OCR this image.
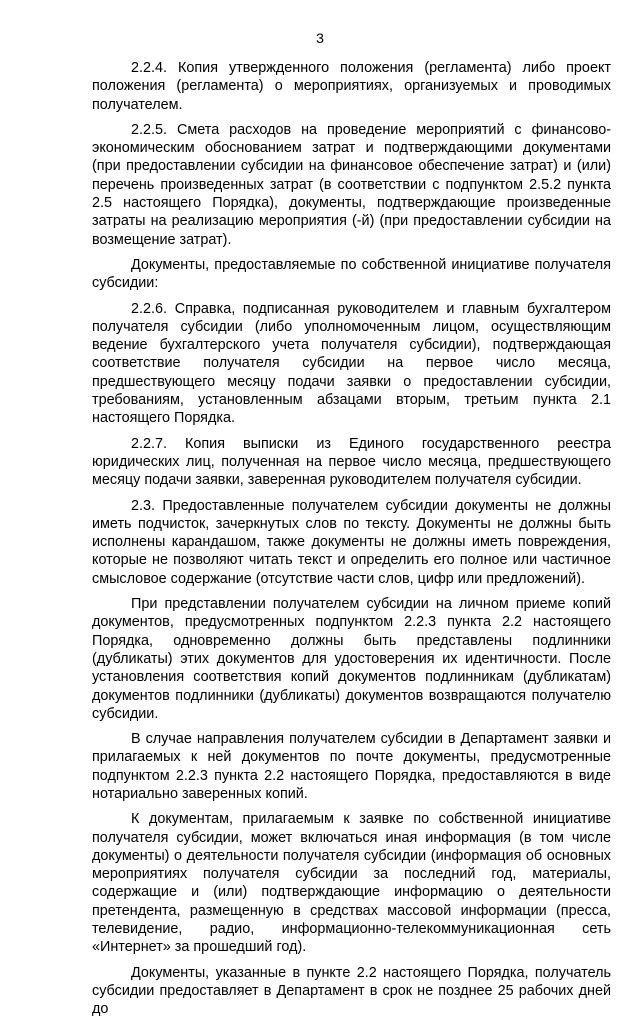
3

2.2.4. Копия утвержденного положения (регламента) либо проект положения (регламента) о мероприятиях, организуемых и проводимых получателем.

2.2.5. Смета расходов на проведение мероприятий с финансово-экономическим обоснованием затрат и подтверждающими документами (при предоставлении субсидии на финансовое обеспечение затрат) и (или) перечень произведенных затрат (в соответствии с подпунктом 2.5.2 пункта 2.5 настоящего Порядка), документы, подтверждающие произведенные затраты на реализацию мероприятия (-й) (при предоставлении субсидии на возмещение затрат).

Документы, предоставляемые по собственной инициативе получателя субсидии:

2.2.6. Справка, подписанная руководителем и главным бухгалтером получателя субсидии (либо уполномоченным лицом, осуществляющим ведение бухгалтерского учета получателя субсидии), подтверждающая соответствие получателя субсидии на первое число месяца, предшествующего месяцу подачи заявки о предоставлении субсидии, требованиям, установленным абзацами вторым, третьим пункта 2.1 настоящего Порядка.

2.2.7. Копия выписки из Единого государственного реестра юридических лиц, полученная на первое число месяца, предшествующего месяцу подачи заявки, заверенная руководителем получателя субсидии.

2.3. Предоставленные получателем субсидии документы не должны иметь подчисток, зачеркнутых слов по тексту. Документы не должны быть исполнены карандашом, также документы не должны иметь повреждения, которые не позволяют читать текст и определить его полное или частичное смысловое содержание (отсутствие части слов, цифр или предложений).

При представлении получателем субсидии на личном приеме копий документов, предусмотренных подпунктом 2.2.3 пункта 2.2 настоящего Порядка, одновременно должны быть представлены подлинники (дубликаты) этих документов для удостоверения их идентичности. После установления соответствия копий документов подлинникам (дубликатам) документов подлинники (дубликаты) документов возвращаются получателю субсидии.

В случае направления получателем субсидии в Департамент заявки и прилагаемых к ней документов по почте документы, предусмотренные подпунктом 2.2.3 пункта 2.2 настоящего Порядка, предоставляются в виде нотариально заверенных копий.

К документам, прилагаемым к заявке по собственной инициативе получателя субсидии, может включаться иная информация (в том числе документы) о деятельности получателя субсидии (информация об основных мероприятиях получателя субсидии за последний год, материалы, содержащие и (или) подтверждающие информацию о деятельности претендента, размещенную в средствах массовой информации (пресса, телевидение, радио, информационно-телекоммуникационная сеть «Интернет» за прошедший год).

Документы, указанные в пункте 2.2 настоящего Порядка, получатель субсидии предоставляет в Департамент в срок не позднее 25 рабочих дней до
